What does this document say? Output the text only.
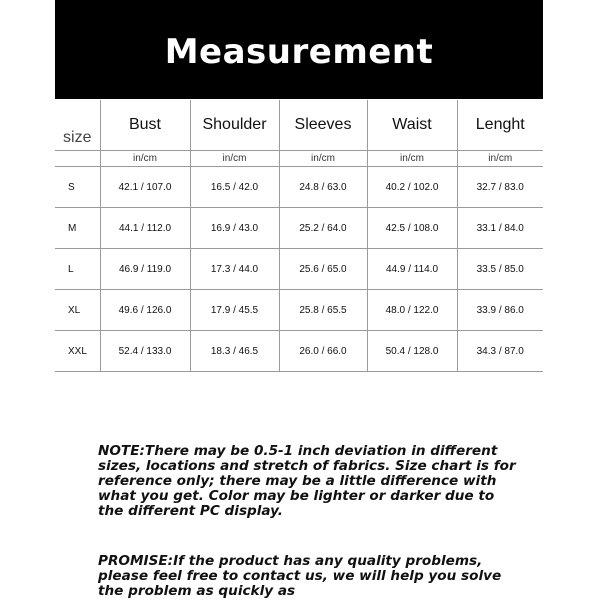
Measurement
size	Bust	Shoulder	Sleeves	Waist	Lenght
	in/cm	in/cm	in/cm	in/cm	in/cm
S	42.1 / 107.0	16.5 / 42.0	24.8 / 63.0	40.2 / 102.0	32.7 / 83.0
M	44.1 / 112.0	16.9 / 43.0	25.2 / 64.0	42.5 / 108.0	33.1 / 84.0
L	46.9 / 119.0	17.3 / 44.0	25.6 / 65.0	44.9 / 114.0	33.5 / 85.0
XL	49.6 / 126.0	17.9 / 45.5	25.8 / 65.5	48.0 / 122.0	33.9 / 86.0
XXL	52.4 / 133.0	18.3 / 46.5	26.0 / 66.0	50.4 / 128.0	34.3 / 87.0
NOTE:There may be 0.5-1 inch deviation in different sizes, locations and stretch of fabrics. Size chart is for reference only; there may be a little difference with what you get. Color may be lighter or darker due to the different PC display.
PROMISE:If the product has any quality problems, please feel free to contact us, we will help you solve the problem as quickly as
